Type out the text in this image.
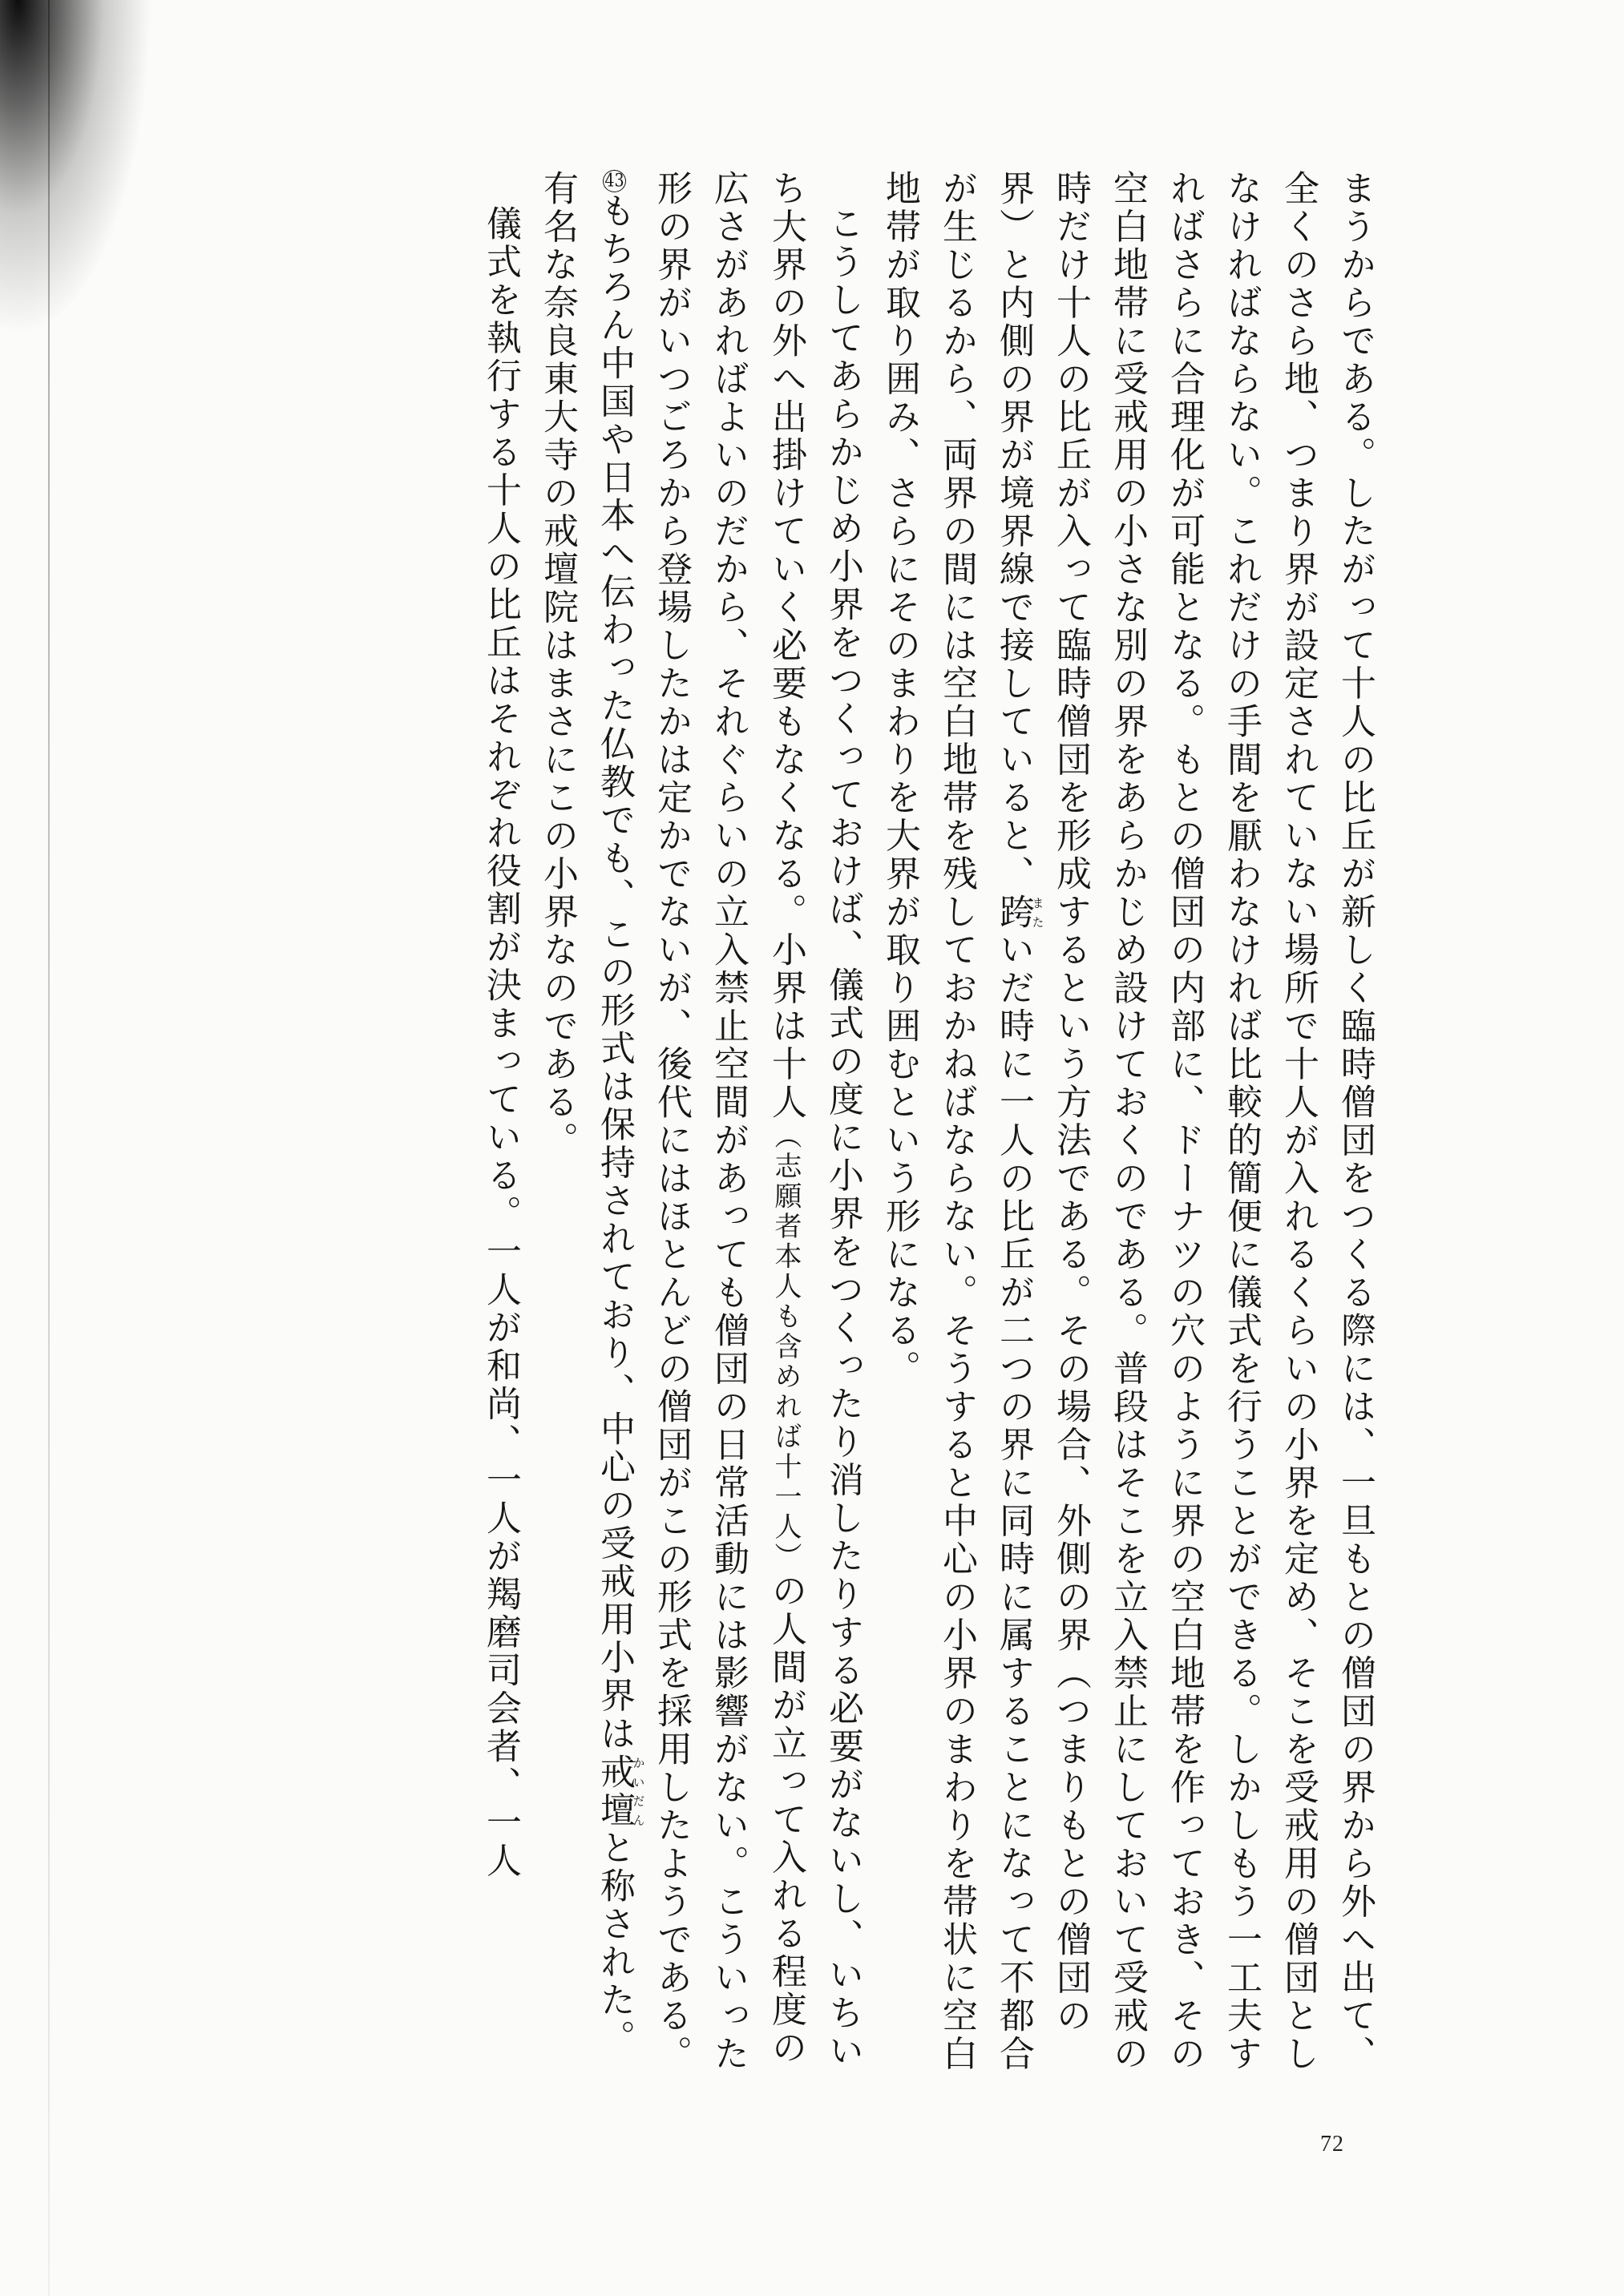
まうからである。したがって十人の比丘が新しく臨時僧団をつくる際には、一旦もとの僧団の界から外へ出て、全くのさら地、つまり界が設定されていない場所で十人が入れるくらいの小界を定め、そこを受戒用の僧団としなければならない。これだけの手間を厭わなければ比較的簡便に儀式を行うことができる。しかしもう一工夫すればさらに合理化が可能となる。もとの僧団の内部に、ドーナツの穴のように界の空白地帯を作っておき、その空白地帯に受戒用の小さな別の界をあらかじめ設けておくのである。普段はそこを立入禁止にしておいて受戒の時だけ十人の比丘が入って臨時僧団を形成するという方法である。その場合、外側の界（つまりもとの僧団の界）と内側の界が境界線で接していると、跨またいだ時に一人の比丘が二つの界に同時に属することになって不都合が生じるから、両界の間には空白地帯を残しておかねばならない。そうすると中心の小界のまわりを帯状に空白地帯が取り囲み、さらにそのまわりを大界が取り囲むという形になる。

こうしてあらかじめ小界をつくっておけば、儀式の度に小界をつくったり消したりする必要がないし、いちいち大界の外へ出掛けていく必要もなくなる。小界は十人（志願者本人も含めれば十一人）の人間が立って入れる程度の広さがあればよいのだから、それぐらいの立入禁止空間があっても僧団の日常活動には影響がない。こういった形の界がいつごろから登場したかは定かでないが、後代にはほとんどの僧団がこの形式を採用したようである。43もちろん中国や日本へ伝わった仏教でも、この形式は保持されており、中心の受戒用小界は戒壇かいだんと称された。有名な奈良東大寺の戒壇院はまさにこの小界なのである。

儀式を執行する十人の比丘はそれぞれ役割が決まっている。一人が和尚、一人が羯磨司会者、一人

72
